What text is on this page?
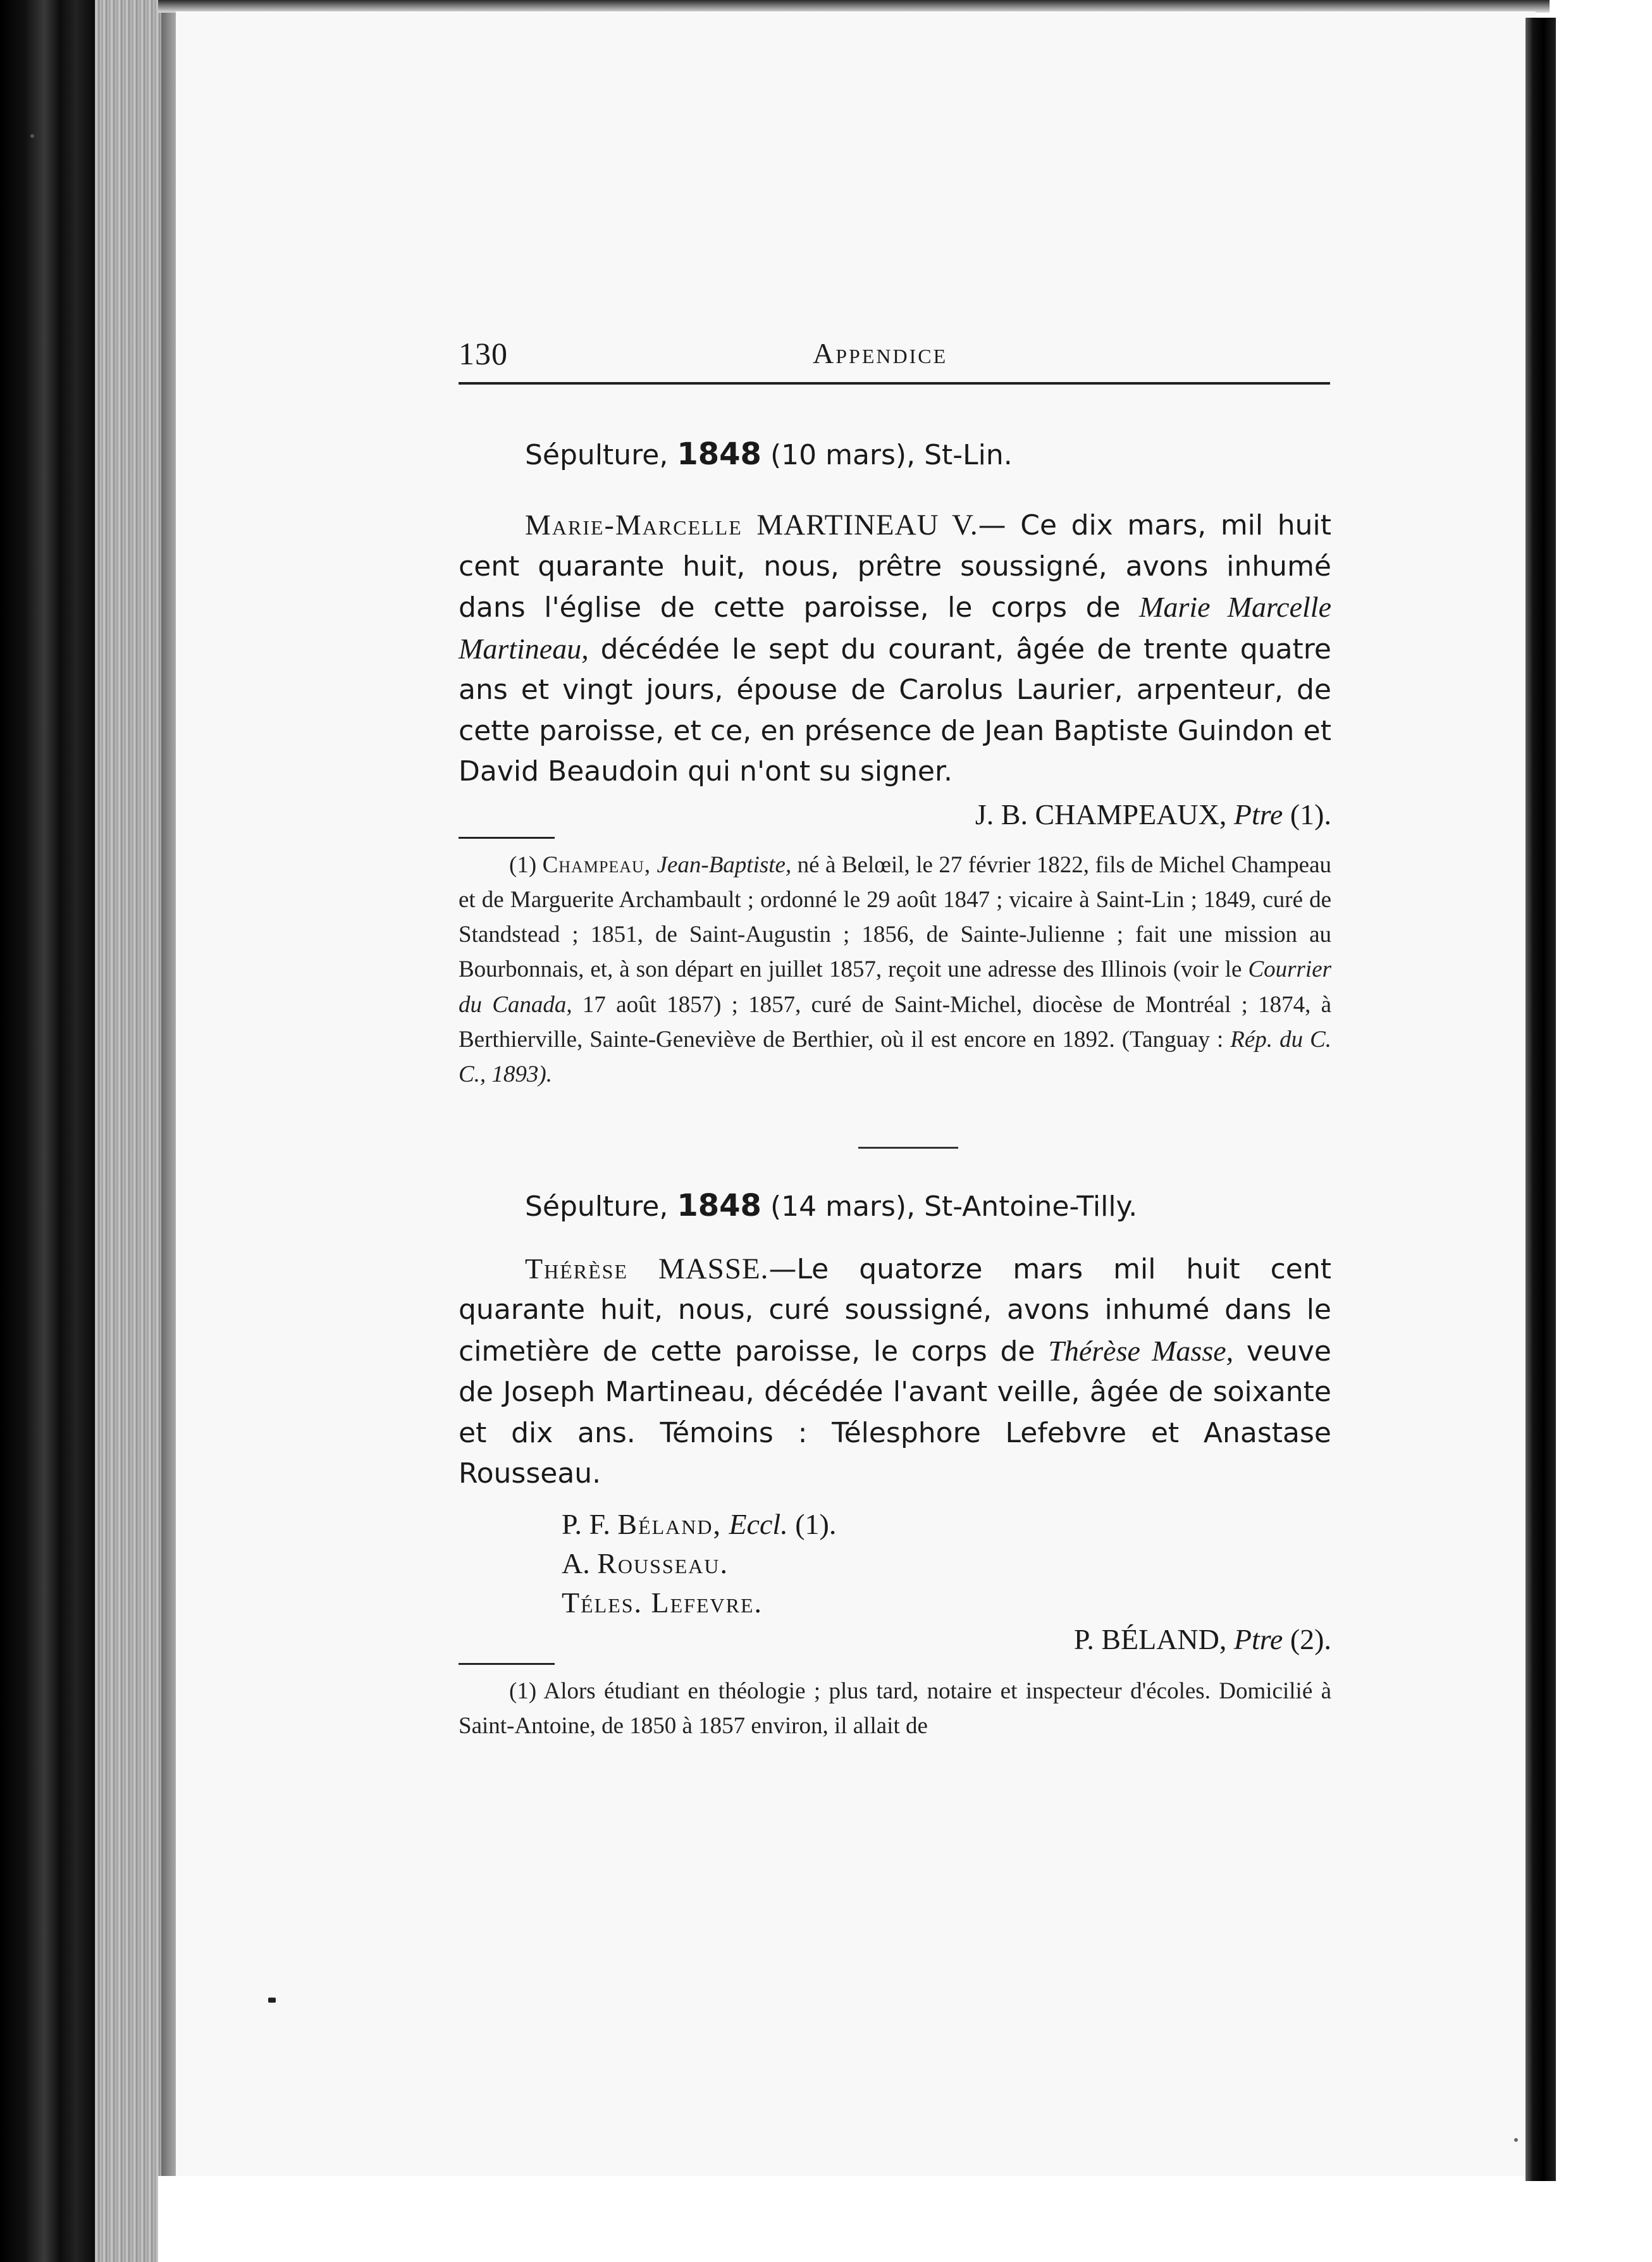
130	Appendice
Sépulture, 1848 (10 mars), St-Lin.
Marie-Marcelle MARTINEAU V.— Ce dix mars, mil huit cent quarante huit, nous, prêtre soussigné, avons inhumé dans l'église de cette paroisse, le corps de Marie Marcelle Martineau, décédée le sept du courant, âgée de trente quatre ans et vingt jours, épouse de Carolus Laurier, arpenteur, de cette paroisse, et ce, en présence de Jean Baptiste Guindon et David Beaudoin qui n'ont su signer.
J. B. CHAMPEAUX, Ptre (1).
(1) Champeau, Jean-Baptiste, né à Belœil, le 27 février 1822, fils de Michel Champeau et de Marguerite Archambault ; ordonné le 29 août 1847 ; vicaire à Saint-Lin ; 1849, curé de Standstead ; 1851, de Saint-Augustin ; 1856, de Sainte-Julienne ; fait une mission au Bourbonnais, et, à son départ en juillet 1857, reçoit une adresse des Illinois (voir le Courrier du Canada, 17 août 1857) ; 1857, curé de Saint-Michel, diocèse de Montréal ; 1874, à Berthierville, Sainte-Geneviève de Berthier, où il est encore en 1892. (Tanguay : Rép. du C. C., 1893).
Sépulture, 1848 (14 mars), St-Antoine-Tilly.
Thérèse MASSE.—Le quatorze mars mil huit cent quarante huit, nous, curé soussigné, avons inhumé dans le cimetière de cette paroisse, le corps de Thérèse Masse, veuve de Joseph Martineau, décédée l'avant veille, âgée de soixante et dix ans. Témoins : Télesphore Lefebvre et Anastase Rousseau.
P. F. Béland, Eccl. (1).
A. Rousseau.
Téles. Lefevre.
P. BÉLAND, Ptre (2).
(1) Alors étudiant en théologie ; plus tard, notaire et inspecteur d'écoles. Domicilié à Saint-Antoine, de 1850 à 1857 environ, il allait de
